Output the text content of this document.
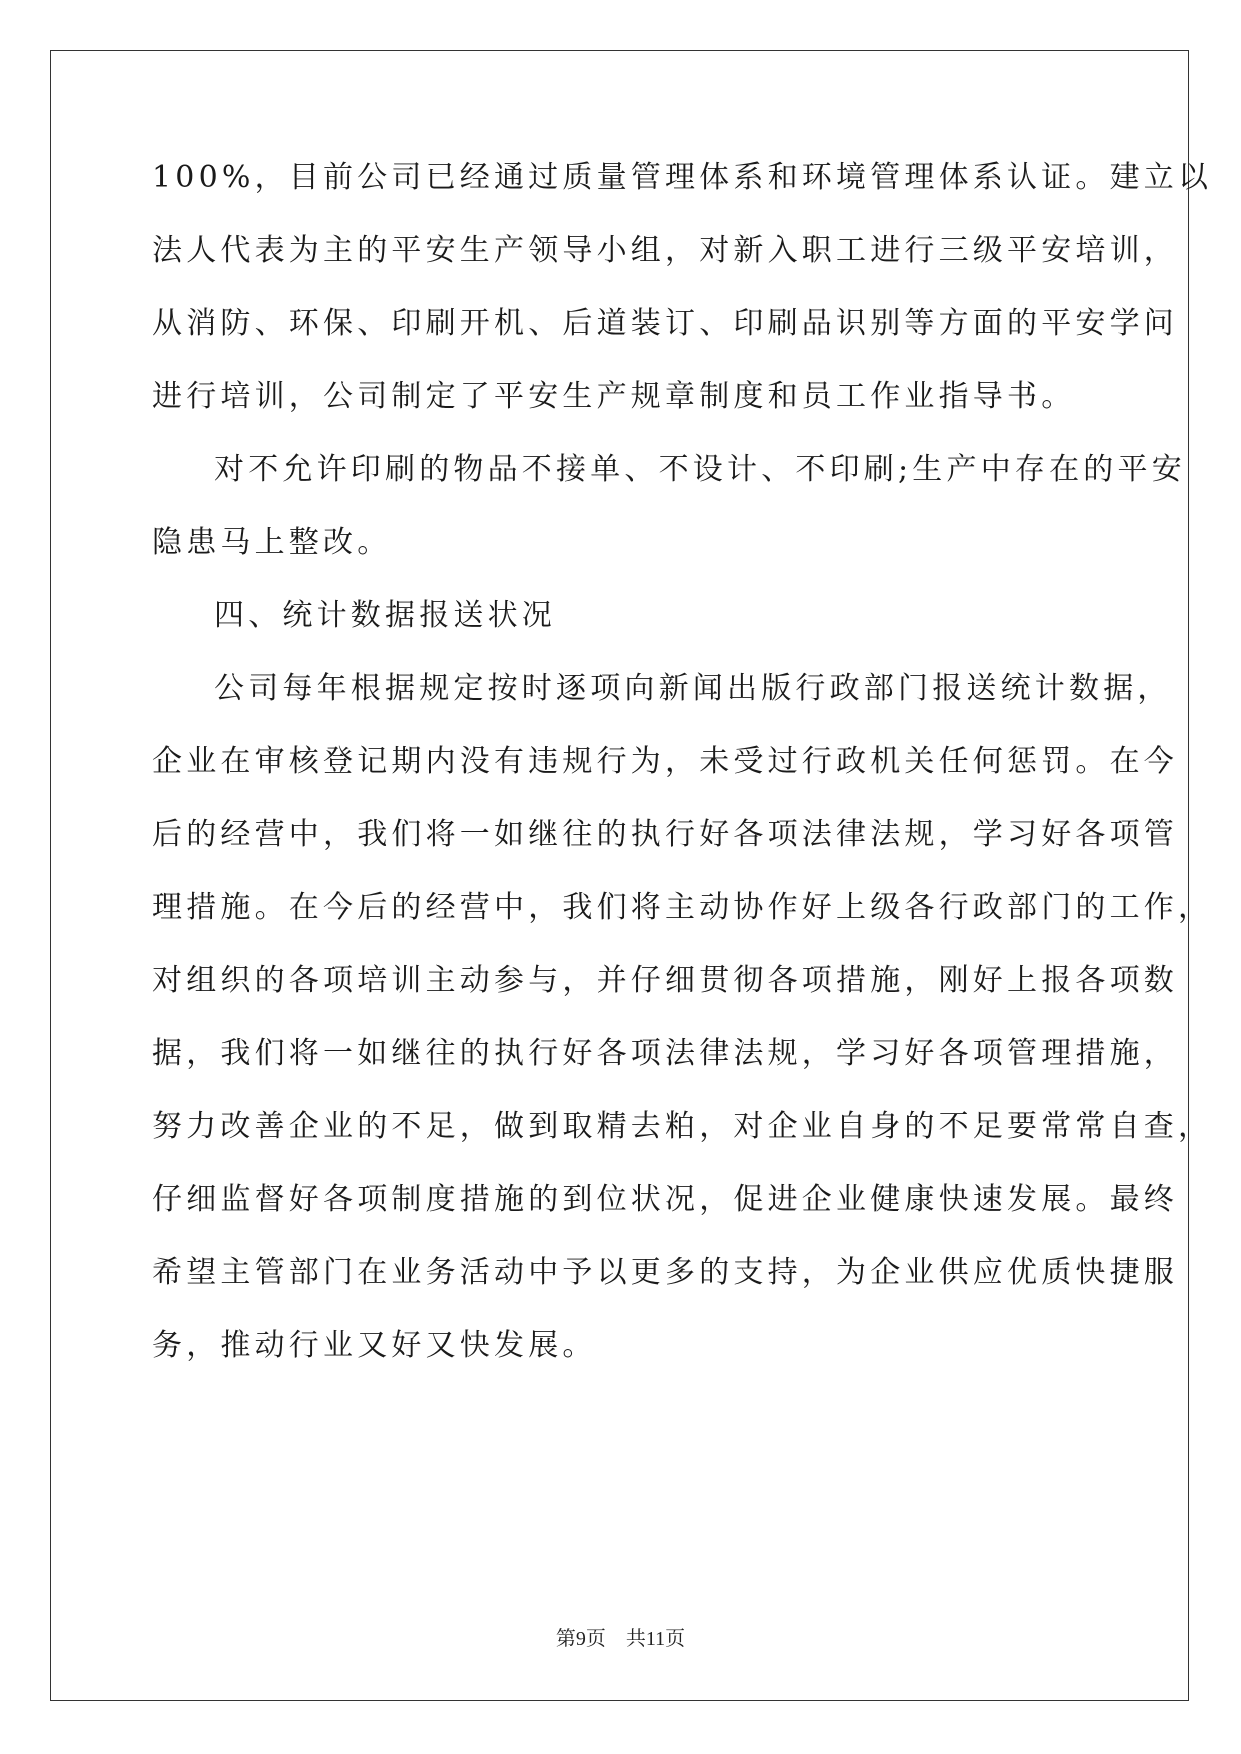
100%，目前公司已经通过质量管理体系和环境管理体系认证。建立以
法人代表为主的平安生产领导小组，对新入职工进行三级平安培训，
从消防、环保、印刷开机、后道装订、印刷品识别等方面的平安学问
进行培训，公司制定了平安生产规章制度和员工作业指导书。
对不允许印刷的物品不接单、不设计、不印刷;生产中存在的平安
隐患马上整改。
四、统计数据报送状况
公司每年根据规定按时逐项向新闻出版行政部门报送统计数据，
企业在审核登记期内没有违规行为，未受过行政机关任何惩罚。在今
后的经营中，我们将一如继往的执行好各项法律法规，学习好各项管
理措施。在今后的经营中，我们将主动协作好上级各行政部门的工作，
对组织的各项培训主动参与，并仔细贯彻各项措施，刚好上报各项数
据，我们将一如继往的执行好各项法律法规，学习好各项管理措施，
努力改善企业的不足，做到取精去粕，对企业自身的不足要常常自查，
仔细监督好各项制度措施的到位状况，促进企业健康快速发展。最终
希望主管部门在业务活动中予以更多的支持，为企业供应优质快捷服
务，推动行业又好又快发展。
第9页　共11页
